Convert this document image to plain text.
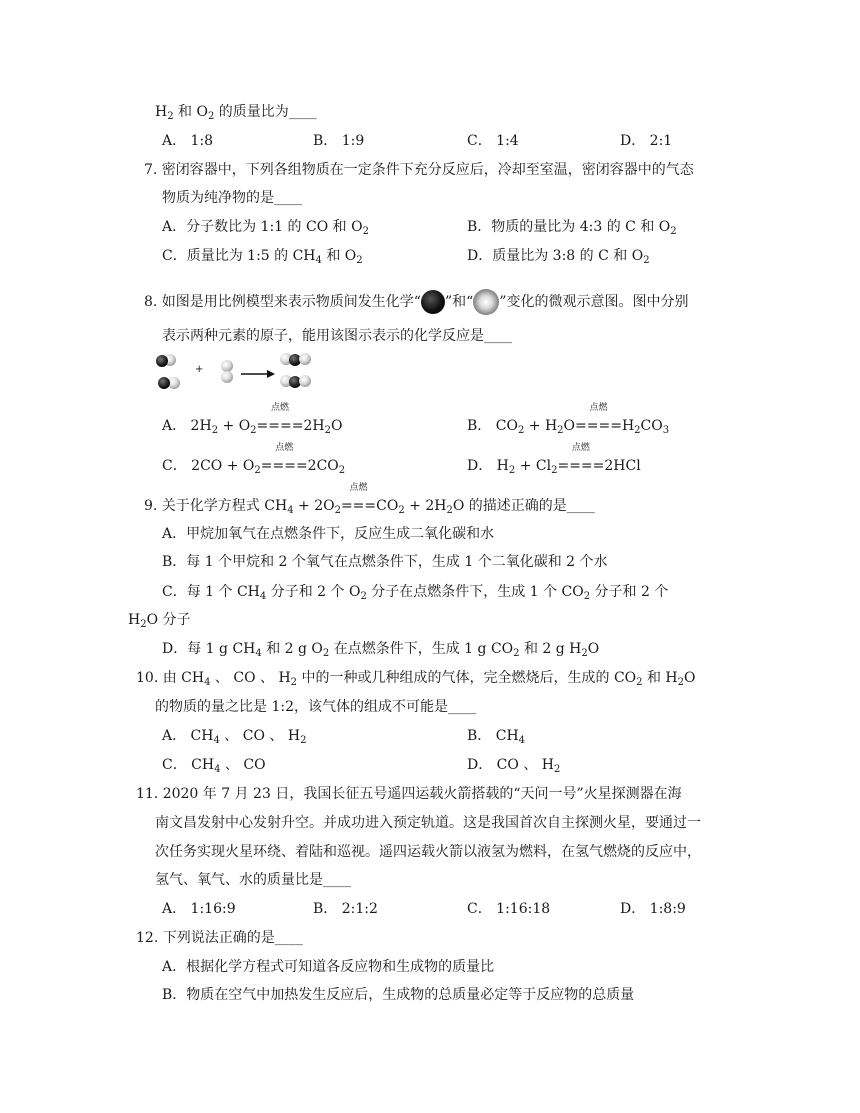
$H_2$ 和 $O_2$ 的质量比为____
A． 1:8	B． 1:9	C． 1:4	D． 2:1
7. 密闭容器中，下列各组物质在一定条件下充分反应后，冷却至室温，密闭容器中的气态
物质为纯净物的是____
A．分子数比为 1:1 的 CO 和 $O_2$	B．物质的量比为 4:3 的 C 和 $O_2$
C．质量比为 1:5 的 $CH_4$ 和 $O_2$	D．质量比为 3:8 的 C 和 $O_2$
8. 如图是用比例模型来表示物质间发生化学“ ”和“ ”变化的微观示意图。图中分别
表示两种元素的原子，能用该图示表示的化学反应是____
+
A． $2H_2 + O_2$
点燃
$====2H_2O$	B． $CO_2 + H_2O$
点燃
$====H_2CO_3$
C． $2CO + O_2$
点燃
$====2CO_2$	D． $H_2 + Cl_2$
点燃
====2HCl
9. 关于化学方程式 $CH_4 + 2O_2$
点燃
$===CO_2 + 2H_2O$ 的描述正确的是____
A．甲烷加氧气在点燃条件下，反应生成二氧化碳和水
B．每 1 个甲烷和 2 个氧气在点燃条件下，生成 1 个二氧化碳和 2 个水
C．每 1 个 $CH_4$ 分子和 2 个 $O_2$ 分子在点燃条件下，生成 1 个 $CO_2$ 分子和 2 个
$H_2O$ 分子
D．每 1 g $CH_4$ 和 2 g $O_2$ 在点燃条件下，生成 1 g $CO_2$ 和 2 g $H_2O$
10. 由 $CH_4$ 、 CO 、 $H_2$ 中的一种或几种组成的气体，完全燃烧后，生成的 $CO_2$ 和 $H_2O$
的物质的量之比是 1:2，该气体的组成不可能是____
A． $CH_4$ 、 CO 、 $H_2$	B． $CH_4$
C． $CH_4$ 、 CO	D． CO 、 $H_2$
11. 2020 年 7 月 23 日，我国长征五号遥四运载火箭搭载的“天问一号”火星探测器在海
南文昌发射中心发射升空。并成功进入预定轨道。这是我国首次自主探测火星，要通过一
次任务实现火星环绕、着陆和巡视。遥四运载火箭以液氢为燃料，在氢气燃烧的反应中，
氢气、氧气、水的质量比是____
A． 1:16:9	B． 2:1:2	C． 1:16:18	D． 1:8:9
12. 下列说法正确的是____
A．根据化学方程式可知道各反应物和生成物的质量比
B．物质在空气中加热发生反应后，生成物的总质量必定等于反应物的总质量
